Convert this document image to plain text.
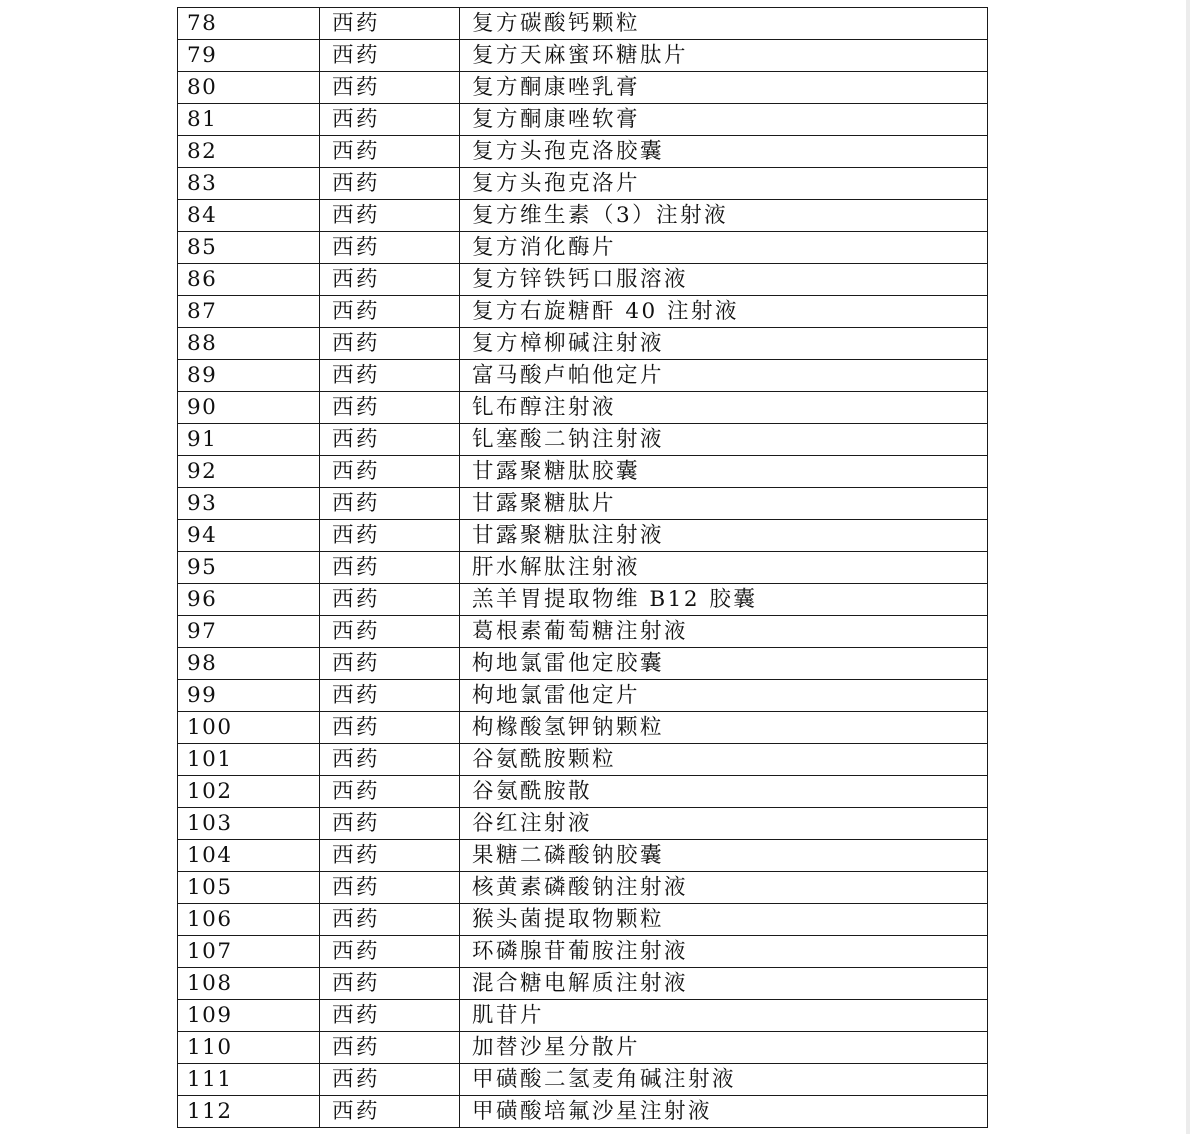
78	西药	复方碳酸钙颗粒
79	西药	复方天麻蜜环糖肽片
80	西药	复方酮康唑乳膏
81	西药	复方酮康唑软膏
82	西药	复方头孢克洛胶囊
83	西药	复方头孢克洛片
84	西药	复方维生素（3）注射液
85	西药	复方消化酶片
86	西药	复方锌铁钙口服溶液
87	西药	复方右旋糖酐 40 注射液
88	西药	复方樟柳碱注射液
89	西药	富马酸卢帕他定片
90	西药	钆布醇注射液
91	西药	钆塞酸二钠注射液
92	西药	甘露聚糖肽胶囊
93	西药	甘露聚糖肽片
94	西药	甘露聚糖肽注射液
95	西药	肝水解肽注射液
96	西药	羔羊胃提取物维 B12 胶囊
97	西药	葛根素葡萄糖注射液
98	西药	枸地氯雷他定胶囊
99	西药	枸地氯雷他定片
100	西药	枸橼酸氢钾钠颗粒
101	西药	谷氨酰胺颗粒
102	西药	谷氨酰胺散
103	西药	谷红注射液
104	西药	果糖二磷酸钠胶囊
105	西药	核黄素磷酸钠注射液
106	西药	猴头菌提取物颗粒
107	西药	环磷腺苷葡胺注射液
108	西药	混合糖电解质注射液
109	西药	肌苷片
110	西药	加替沙星分散片
111	西药	甲磺酸二氢麦角碱注射液
112	西药	甲磺酸培氟沙星注射液
